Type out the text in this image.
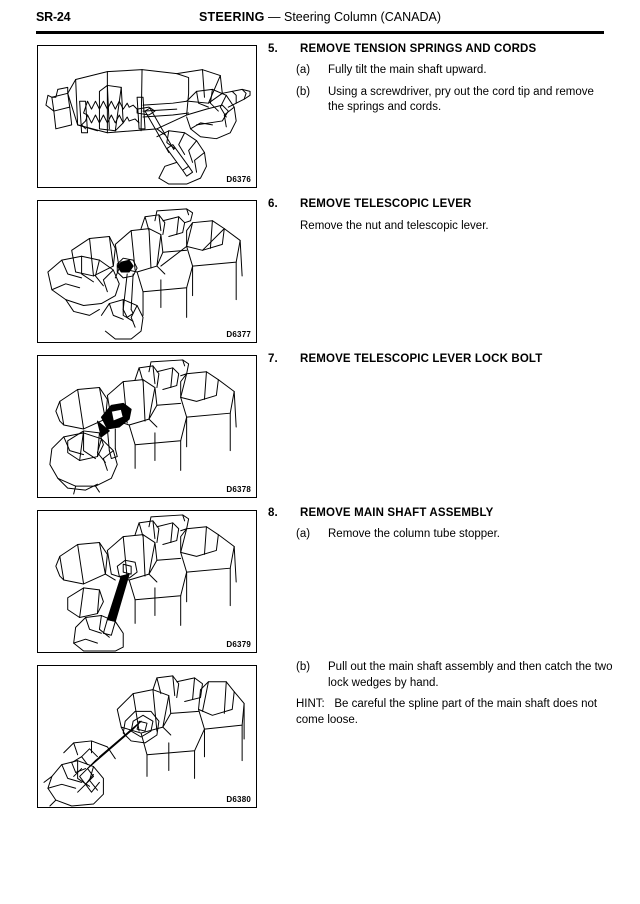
SR-24	STEERING — Steering Column (CANADA)
D6376
D6377
D6378
D6379
D6380
5. REMOVE TENSION SPRINGS AND CORDS
(a) Fully tilt the main shaft upward.
(b) Using a screwdriver, pry out the cord tip and remove the springs and cords.
6. REMOVE TELESCOPIC LEVER
Remove the nut and telescopic lever.
7. REMOVE TELESCOPIC LEVER LOCK BOLT
8. REMOVE MAIN SHAFT ASSEMBLY
(a) Remove the column tube stopper.
(b) Pull out the main shaft assembly and then catch the two lock wedges by hand.
HINT: Be careful the spline part of the main shaft does not come loose.
